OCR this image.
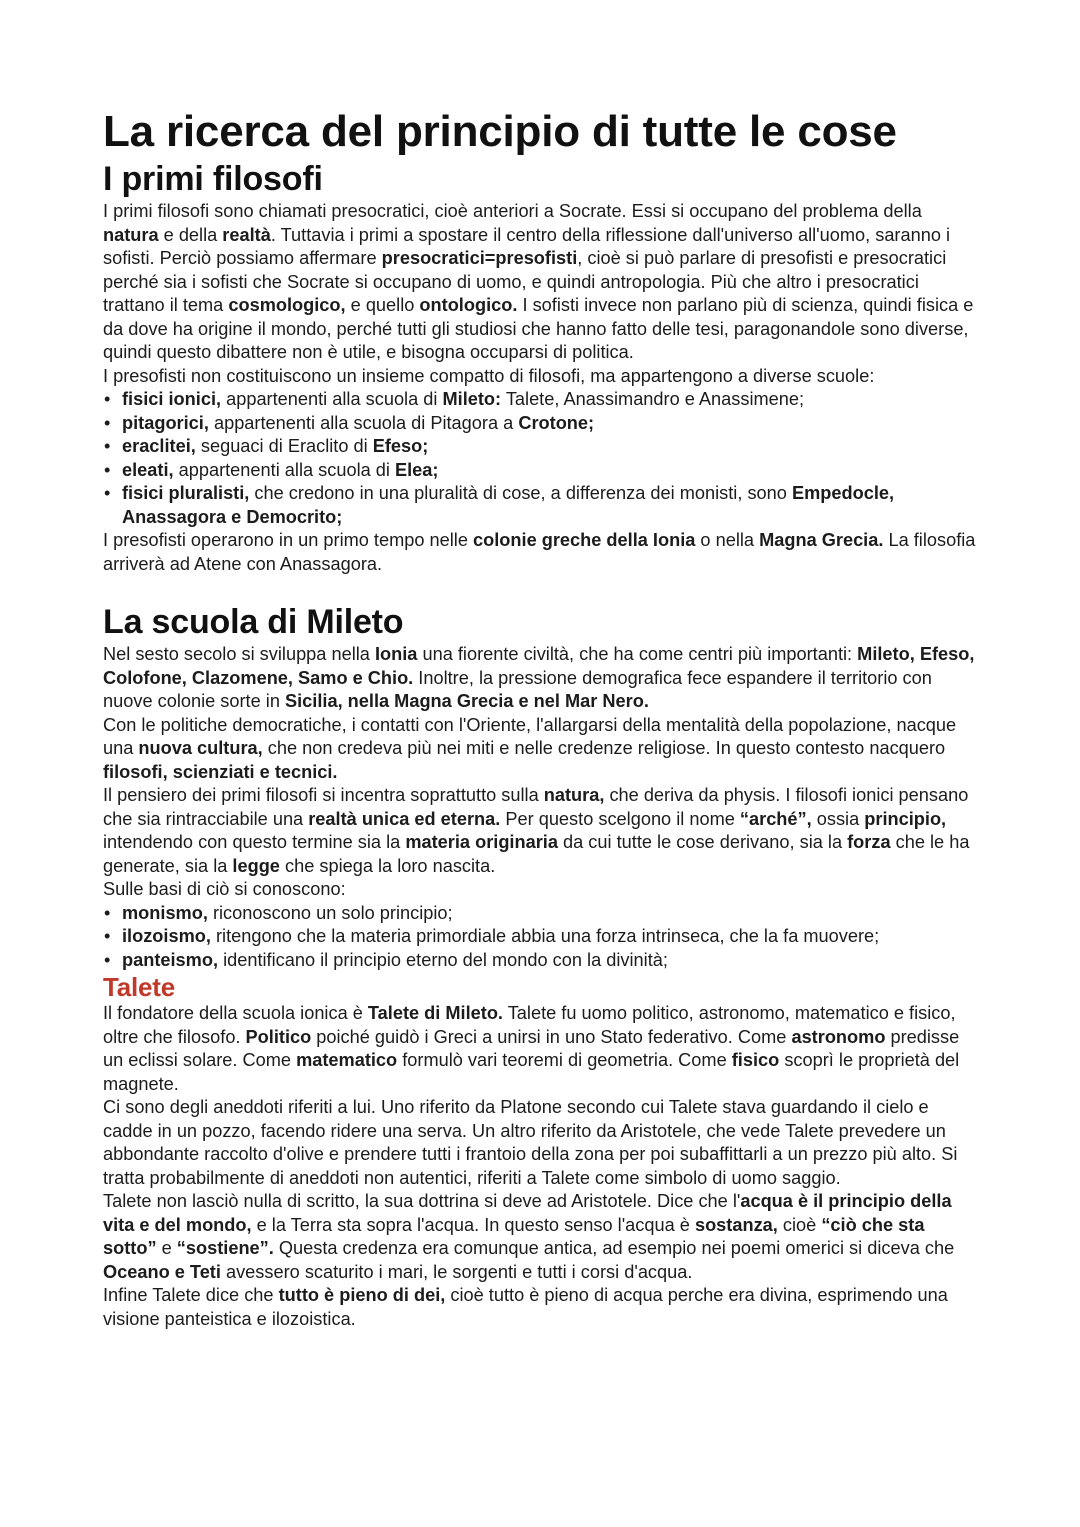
La ricerca del principio di tutte le cose
I primi filosofi

I primi filosofi sono chiamati presocratici, cioè anteriori a Socrate. Essi si occupano del problema della natura e della realtà. Tuttavia i primi a spostare il centro della riflessione dall'universo all'uomo, saranno i sofisti. Perciò possiamo affermare presocratici=presofisti, cioè si può parlare di presofisti e presocratici perché sia i sofisti che Socrate si occupano di uomo, e quindi antropologia. Più che altro i presocratici trattano il tema cosmologico, e quello ontologico. I sofisti invece non parlano più di scienza, quindi fisica e da dove ha origine il mondo, perché tutti gli studiosi che hanno fatto delle tesi, paragonandole sono diverse, quindi questo dibattere non è utile, e bisogna occuparsi di politica.

I presofisti non costituiscono un insieme compatto di filosofi, ma appartengono a diverse scuole:

• fisici ionici, appartenenti alla scuola di Mileto: Talete, Anassimandro e Anassimene;
• pitagorici, appartenenti alla scuola di Pitagora a Crotone;
• eraclitei, seguaci di Eraclito di Efeso;
• eleati, appartenenti alla scuola di Elea;
• fisici pluralisti, che credono in una pluralità di cose, a differenza dei monisti, sono Empedocle, Anassagora e Democrito;

I presofisti operarono in un primo tempo nelle colonie greche della Ionia o nella Magna Grecia. La filosofia arriverà ad Atene con Anassagora.

La scuola di Mileto

Nel sesto secolo si sviluppa nella Ionia una fiorente civiltà, che ha come centri più importanti: Mileto, Efeso, Colofone, Clazomene, Samo e Chio. Inoltre, la pressione demografica fece espandere il territorio con nuove colonie sorte in Sicilia, nella Magna Grecia e nel Mar Nero.

Con le politiche democratiche, i contatti con l'Oriente, l'allargarsi della mentalità della popolazione, nacque una nuova cultura, che non credeva più nei miti e nelle credenze religiose. In questo contesto nacquero filosofi, scienziati e tecnici.

Il pensiero dei primi filosofi si incentra soprattutto sulla natura, che deriva da physis. I filosofi ionici pensano che sia rintracciabile una realtà unica ed eterna. Per questo scelgono il nome “arché”, ossia principio, intendendo con questo termine sia la materia originaria da cui tutte le cose derivano, sia la forza che le ha generate, sia la legge che spiega la loro nascita.

Sulle basi di ciò si conoscono:

• monismo, riconoscono un solo principio;
• ilozoismo, ritengono che la materia primordiale abbia una forza intrinseca, che la fa muovere;
• panteismo, identificano il principio eterno del mondo con la divinità;
Talete

Il fondatore della scuola ionica è Talete di Mileto. Talete fu uomo politico, astronomo, matematico e fisico, oltre che filosofo. Politico poiché guidò i Greci a unirsi in uno Stato federativo. Come astronomo predisse un eclissi solare. Come matematico formulò vari teoremi di geometria. Come fisico scoprì le proprietà del magnete.

Ci sono degli aneddoti riferiti a lui. Uno riferito da Platone secondo cui Talete stava guardando il cielo e cadde in un pozzo, facendo ridere una serva. Un altro riferito da Aristotele, che vede Talete prevedere un abbondante raccolto d'olive e prendere tutti i frantoio della zona per poi subaffittarli a un prezzo più alto. Si tratta probabilmente di aneddoti non autentici, riferiti a Talete come simbolo di uomo saggio.

Talete non lasciò nulla di scritto, la sua dottrina si deve ad Aristotele. Dice che l'acqua è il principio della vita e del mondo, e la Terra sta sopra l'acqua. In questo senso l'acqua è sostanza, cioè “ciò che sta sotto” e “sostiene”. Questa credenza era comunque antica, ad esempio nei poemi omerici si diceva che Oceano e Teti avessero scaturito i mari, le sorgenti e tutti i corsi d'acqua.

Infine Talete dice che tutto è pieno di dei, cioè tutto è pieno di acqua perche era divina, esprimendo una visione panteistica e ilozoistica.
